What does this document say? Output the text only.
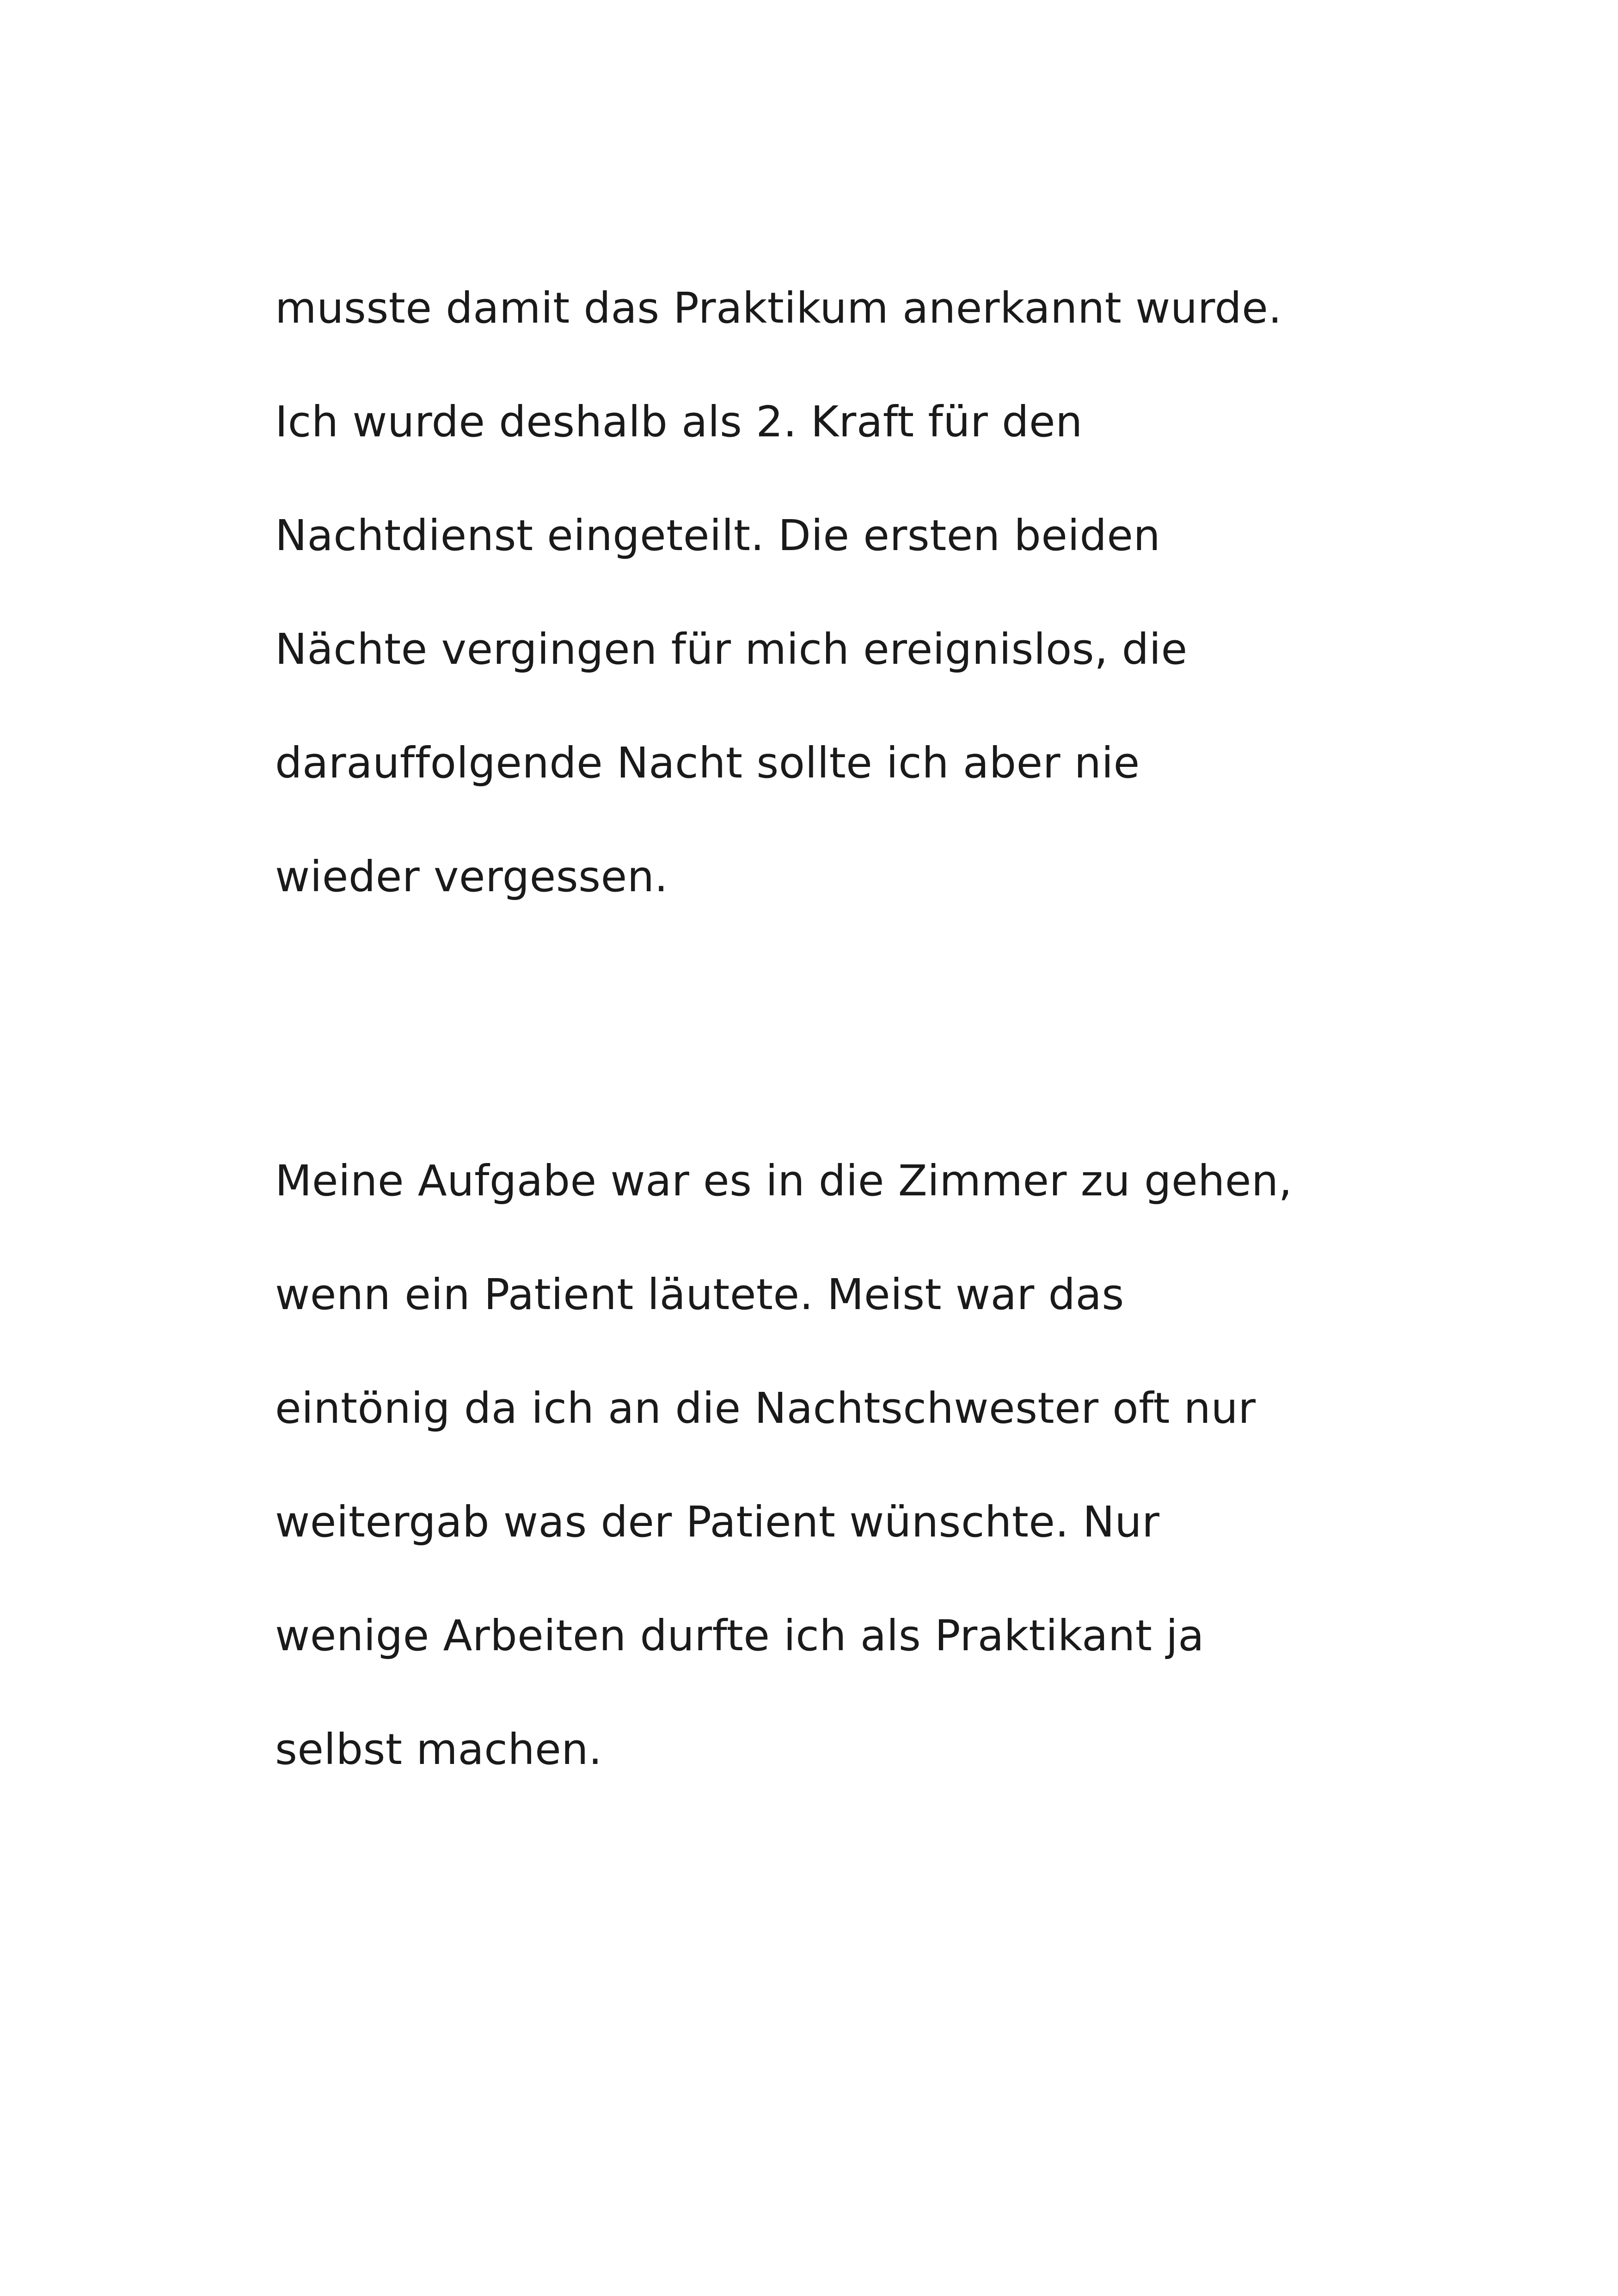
musste damit das Praktikum anerkannt wurde.

Ich wurde deshalb als 2. Kraft für den

Nachtdienst eingeteilt. Die ersten beiden

Nächte vergingen für mich ereignislos, die

darauffolgende Nacht sollte ich aber nie

wieder vergessen.

Meine Aufgabe war es in die Zimmer zu gehen,

wenn ein Patient läutete. Meist war das

eintönig da ich an die Nachtschwester oft nur

weitergab was der Patient wünschte. Nur

wenige Arbeiten durfte ich als Praktikant ja

selbst machen.
